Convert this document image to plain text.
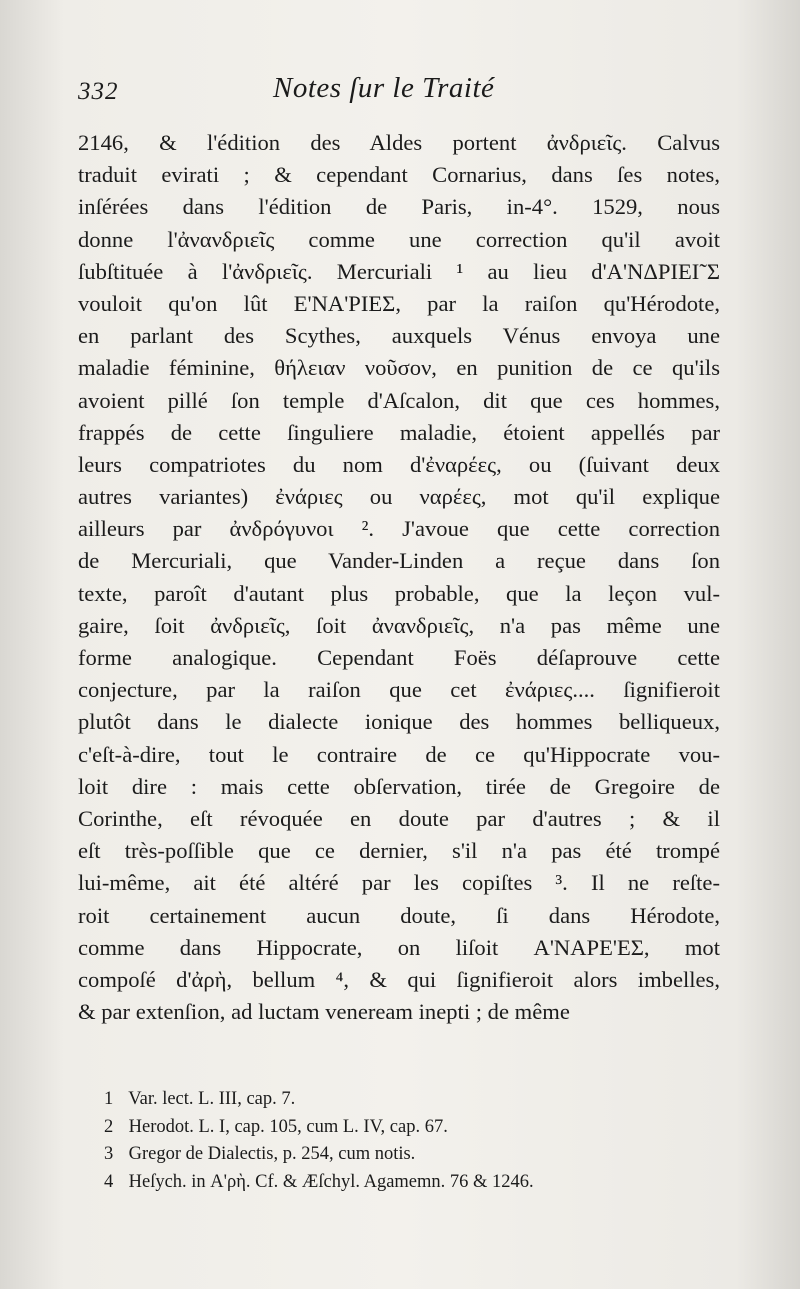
332	Notes ſur le Traité
2146, & l'édition des Aldes portent ἀνδριεῖς. Calvus
traduit evirati ; & cependant Cornarius, dans ſes notes,
inſérées dans l'édition de Paris, in-4°. 1529, nous
donne l'ἀνανδριεῖς comme une correction qu'il avoit
ſubſtituée à l'ἀνδριεῖς. Mercuriali ¹ au lieu d'Α'ΝΔΡΙΕΙ˜Σ
vouloit qu'on lût Ε'ΝΑ'ΡΙΕΣ, par la raiſon qu'Hérodote,
en parlant des Scythes, auxquels Vénus envoya une
maladie féminine, θήλειαν νοῦσον, en punition de ce qu'ils
avoient pillé ſon temple d'Aſcalon, dit que ces hommes,
frappés de cette ſinguliere maladie, étoient appellés par
leurs compatriotes du nom d'ἐναρέες, ou (ſuivant deux
autres variantes) ἐνάριες ou ναρέες, mot qu'il explique
ailleurs par ἀνδρόγυνοι ². J'avoue que cette correction
de Mercuriali, que Vander-Linden a reçue dans ſon
texte, paroît d'autant plus probable, que la leçon vul-
gaire, ſoit ἀνδριεῖς, ſoit ἀνανδριεῖς, n'a pas même une
forme analogique. Cependant Foës déſaprouve cette
conjecture, par la raiſon que cet ἐνάριες.... ſignifieroit
plutôt dans le dialecte ionique des hommes belliqueux,
c'eſt-à-dire, tout le contraire de ce qu'Hippocrate vou-
loit dire : mais cette obſervation, tirée de Gregoire de
Corinthe, eſt révoquée en doute par d'autres ; & il
eſt très-poſſible que ce dernier, s'il n'a pas été trompé
lui-même, ait été altéré par les copiſtes ³. Il ne reſte-
roit certainement aucun doute, ſi dans Hérodote,
comme dans Hippocrate, on liſoit Α'ΝΑΡΕ'ΕΣ, mot
compoſé d'ἀρὴ, bellum ⁴, & qui ſignifieroit alors imbelles,
& par extenſion, ad luctam veneream inepti ; de même
1 Var. lect. L. III, cap. 7.
2 Herodot. L. I, cap. 105, cum L. IV, cap. 67.
3 Gregor de Dialectis, p. 254, cum notis.
4 Heſych. in Α'ρὴ. Cf. & Æſchyl. Agamemn. 76 & 1246.
